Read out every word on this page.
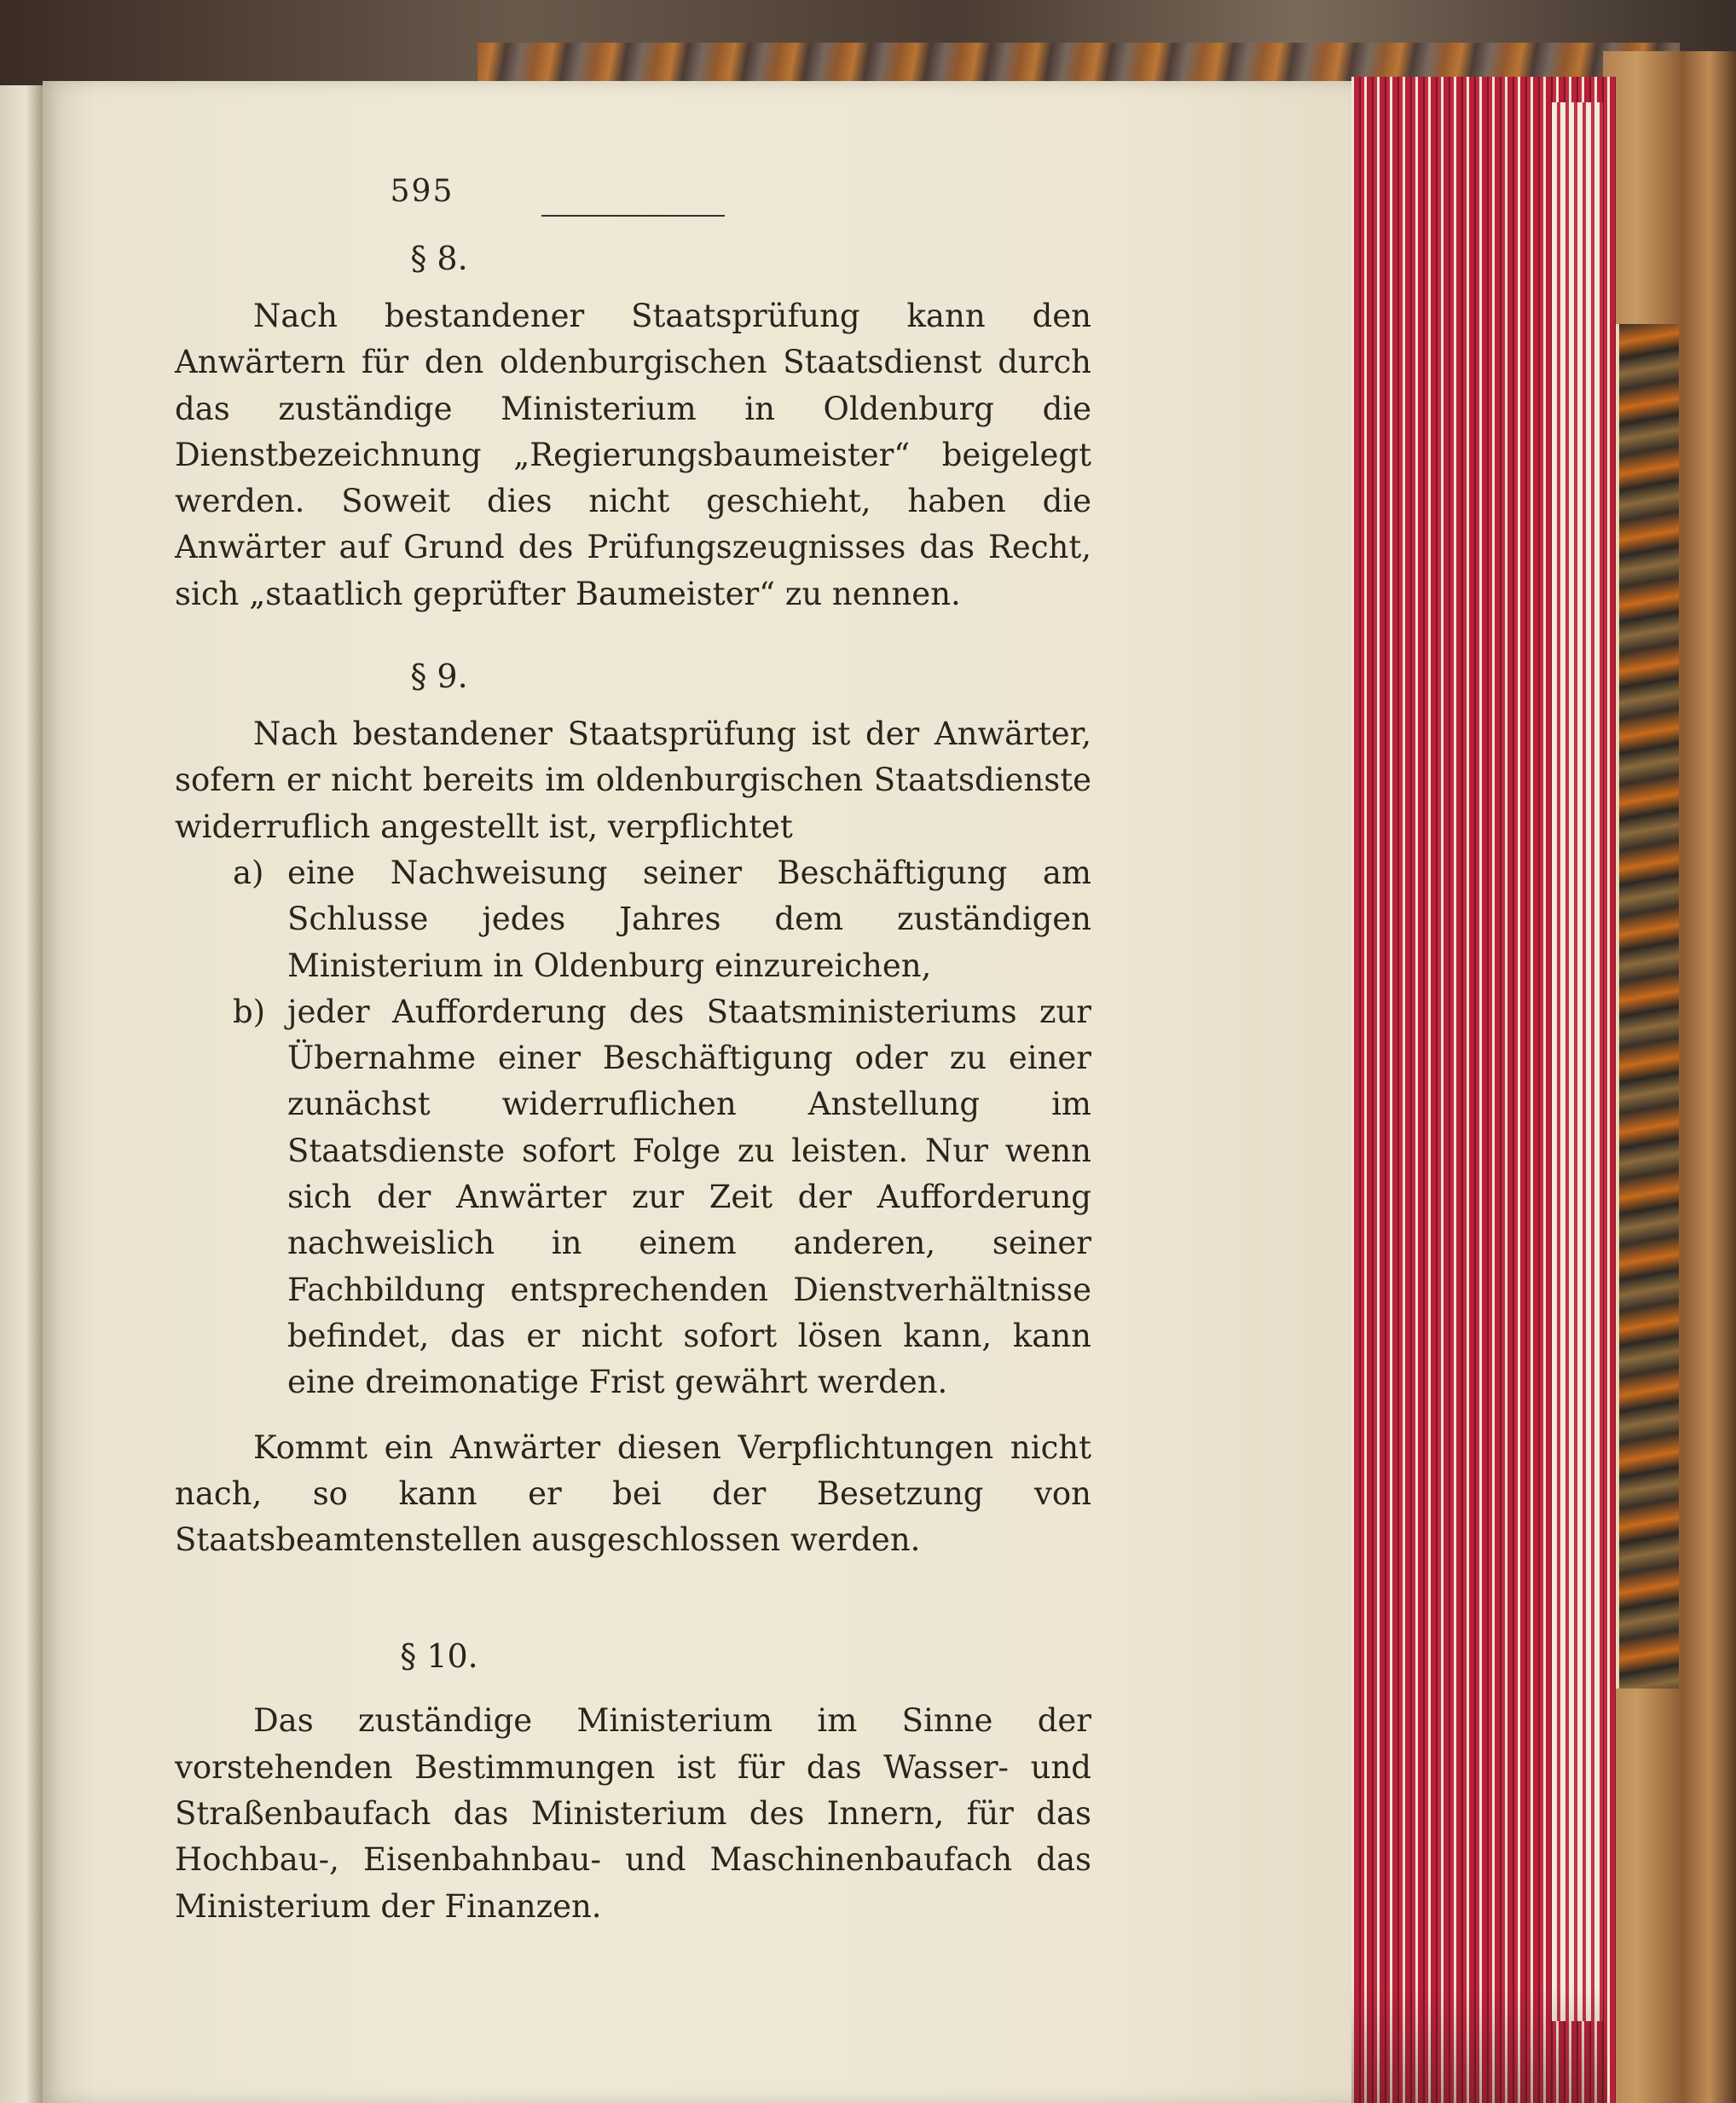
595
§ 8.

Nach bestandener Staatsprüfung kann den Anwärtern für den oldenburgischen Staatsdienst durch das zuständige Ministerium in Oldenburg die Dienstbezeichnung „Regierungsbaumeister“ beigelegt werden. Soweit dies nicht geschieht, haben die Anwärter auf Grund des Prüfungszeugnisses das Recht, sich „staatlich geprüfter Baumeister“ zu nennen.

§ 9.

Nach bestandener Staatsprüfung ist der Anwärter, sofern er nicht bereits im oldenburgischen Staatsdienste widerruflich angestellt ist, verpflichtet

a) eine Nachweisung seiner Beschäftigung am Schlusse jedes Jahres dem zuständigen Ministerium in Oldenburg einzureichen,
b) jeder Aufforderung des Staatsministeriums zur Übernahme einer Beschäftigung oder zu einer zunächst widerruflichen Anstellung im Staatsdienste sofort Folge zu leisten. Nur wenn sich der Anwärter zur Zeit der Aufforderung nachweislich in einem anderen, seiner Fachbildung entsprechenden Dienstverhältnisse befindet, das er nicht sofort lösen kann, kann eine dreimonatige Frist gewährt werden.

Kommt ein Anwärter diesen Verpflichtungen nicht nach, so kann er bei der Besetzung von Staatsbeamtenstellen ausgeschlossen werden.

§ 10.

Das zuständige Ministerium im Sinne der vorstehenden Bestimmungen ist für das Wasser- und Straßenbaufach das Ministerium des Innern, für das Hochbau-, Eisenbahnbau- und Maschinenbaufach das Ministerium der Finanzen.
